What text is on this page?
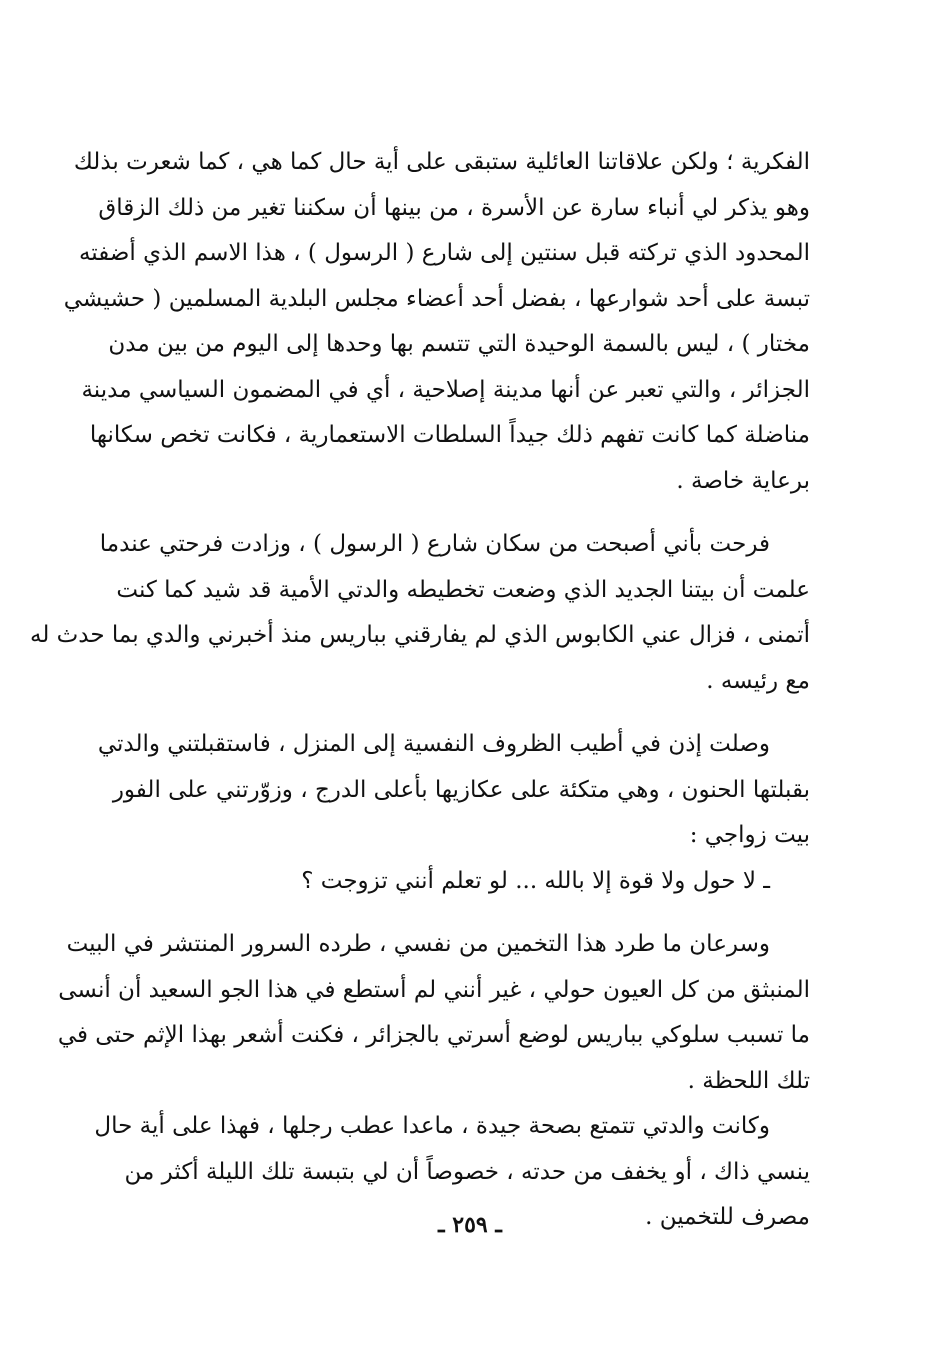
الفكرية ؛ ولكن علاقاتنا العائلية ستبقى على أية حال كما هي ، كما شعرت بذلك
وهو يذكر لي أنباء سارة عن الأسرة ، من بينها أن سكننا تغير من ذلك الزقاق
المحدود الذي تركته قبل سنتين إلى شارع ( الرسول ) ، هذا الاسم الذي أضفته
تبسة على أحد شوارعها ، بفضل أحد أعضاء مجلس البلدية المسلمين ( حشيشي
مختار ) ، ليس بالسمة الوحيدة التي تتسم بها وحدها إلى اليوم من بين مدن
الجزائر ، والتي تعبر عن أنها مدينة إصلاحية ، أي في المضمون السياسي مدينة
مناضلة كما كانت تفهم ذلك جيداً السلطات الاستعمارية ، فكانت تخص سكانها
برعاية خاصة .
فرحت بأني أصبحت من سكان شارع ( الرسول ) ، وزادت فرحتي عندما
علمت أن بيتنا الجديد الذي وضعت تخطيطه والدتي الأمية قد شيد كما كنت
أتمنى ، فزال عني الكابوس الذي لم يفارقني بباريس منذ أخبرني والدي بما حدث له
مع رئيسه .
وصلت إذن في أطيب الظروف النفسية إلى المنزل ، فاستقبلتني والدتي
بقبلتها الحنون ، وهي متكئة على عكازيها بأعلى الدرج ، وزوّرتني على الفور
بيت زواجي :
ـ لا حول ولا قوة إلا بالله ... لو تعلم أنني تزوجت ؟
وسرعان ما طرد هذا التخمين من نفسي ، طرده السرور المنتشر في البيت
المنبثق من كل العيون حولي ، غير أنني لم أستطع في هذا الجو السعيد أن أنسى
ما تسبب سلوكي بباريس لوضع أسرتي بالجزائر ، فكنت أشعر بهذا الإثم حتى في
تلك اللحظة .
وكانت والدتي تتمتع بصحة جيدة ، ماعدا عطب رجلها ، فهذا على أية حال
ينسي ذاك ، أو يخفف من حدته ، خصوصاً أن لي بتبسة تلك الليلة أكثر من
مصرف للتخمين .
ـ ٢٥٩ ـ
